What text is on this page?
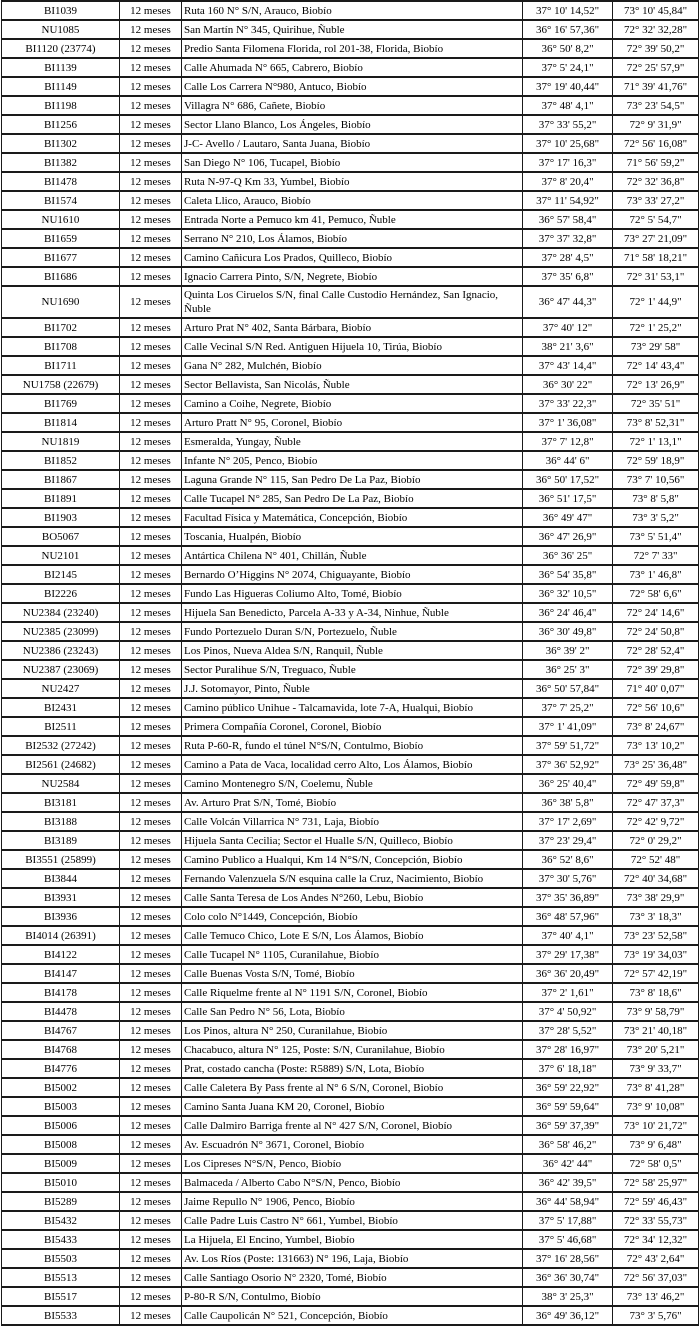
BI1039	12 meses	Ruta 160 N° S/N, Arauco, Biobío	37° 10' 14,52"	73° 10' 45,84"
NU1085	12 meses	San Martín N° 345, Quirihue, Ñuble	36° 16' 57,36"	72° 32' 32,28"
BI1120 (23774)	12 meses	Predio Santa Filomena Florida, rol 201-38, Florida, Biobío	36° 50' 8,2"	72° 39' 50,2"
BI1139	12 meses	Calle Ahumada N° 665, Cabrero, Biobío	37° 5' 24,1"	72° 25' 57,9"
BI1149	12 meses	Calle Los Carrera N°980, Antuco, Biobío	37° 19' 40,44"	71° 39' 41,76"
BI1198	12 meses	Villagra N° 686, Cañete, Biobío	37° 48' 4,1"	73° 23' 54,5"
BI1256	12 meses	Sector Llano Blanco, Los Ángeles, Biobío	37° 33' 55,2"	72° 9' 31,9"
BI1302	12 meses	J-C- Avello / Lautaro, Santa Juana, Biobío	37° 10' 25,68"	72° 56' 16,08"
BI1382	12 meses	San Diego N° 106, Tucapel, Biobío	37° 17' 16,3"	71° 56' 59,2"
BI1478	12 meses	Ruta N-97-Q Km 33, Yumbel, Biobío	37° 8' 20,4"	72° 32' 36,8"
BI1574	12 meses	Caleta Llico, Arauco, Biobío	37° 11' 54,92"	73° 33' 27,2"
NU1610	12 meses	Entrada Norte a Pemuco km 41, Pemuco, Ñuble	36° 57' 58,4"	72° 5' 54,7"
BI1659	12 meses	Serrano N° 210, Los Álamos, Biobío	37° 37' 32,8"	73° 27' 21,09"
BI1677	12 meses	Camino Cañicura Los Prados, Quilleco, Biobío	37° 28' 4,5"	71° 58' 18,21"
BI1686	12 meses	Ignacio Carrera Pinto, S/N, Negrete, Biobío	37° 35' 6,8"	72° 31' 53,1"
NU1690	12 meses	Quinta Los Ciruelos S/N, final Calle Custodio Hernández, San Ignacio, Ñuble	36° 47' 44,3"	72° 1' 44,9"
BI1702	12 meses	Arturo Prat N° 402, Santa Bárbara, Biobío	37° 40' 12"	72° 1' 25,2"
BI1708	12 meses	Calle Vecinal S/N Red. Antiguen Hijuela 10, Tirúa, Biobío	38° 21' 3,6"	73° 29' 58"
BI1711	12 meses	Gana N° 282, Mulchén, Biobío	37° 43' 14,4"	72° 14' 43,4"
NU1758 (22679)	12 meses	Sector Bellavista, San Nicolás, Ñuble	36° 30' 22"	72° 13' 26,9"
BI1769	12 meses	Camino a Coihe, Negrete, Biobío	37° 33' 22,3"	72° 35' 51"
BI1814	12 meses	Arturo Pratt N° 95, Coronel, Biobío	37° 1' 36,08"	73° 8' 52,31"
NU1819	12 meses	Esmeralda, Yungay, Ñuble	37° 7' 12,8"	72° 1' 13,1"
BI1852	12 meses	Infante N° 205, Penco, Biobío	36° 44' 6"	72° 59' 18,9"
BI1867	12 meses	Laguna Grande N° 115, San Pedro De La Paz, Biobío	36° 50' 17,52"	73° 7' 10,56"
BI1891	12 meses	Calle Tucapel N° 285, San Pedro De La Paz, Biobío	36° 51' 17,5"	73° 8' 5,8"
BI1903	12 meses	Facultad Física y Matemática, Concepción, Biobío	36° 49' 47"	73° 3' 5,2"
BO5067	12 meses	Toscania, Hualpén, Biobío	36° 47' 26,9"	73° 5' 51,4"
NU2101	12 meses	Antártica Chilena N° 401, Chillán, Ñuble	36° 36' 25"	72° 7' 33"
BI2145	12 meses	Bernardo O’Higgins N° 2074, Chiguayante, Biobío	36° 54' 35,8"	73° 1' 46,8"
BI2226	12 meses	Fundo Las Higueras Coliumo Alto, Tomé, Biobío	36° 32' 10,5"	72° 58' 6,6"
NU2384 (23240)	12 meses	Hijuela San Benedicto, Parcela A-33 y A-34, Ninhue, Ñuble	36° 24' 46,4"	72° 24' 14,6"
NU2385 (23099)	12 meses	Fundo Portezuelo Duran S/N, Portezuelo, Ñuble	36° 30' 49,8"	72° 24' 50,8"
NU2386 (23243)	12 meses	Los Pinos, Nueva Aldea S/N, Ranquil, Ñuble	36° 39' 2"	72° 28' 52,4"
NU2387 (23069)	12 meses	Sector Puralihue S/N, Treguaco, Ñuble	36° 25' 3"	72° 39' 29,8"
NU2427	12 meses	J.J. Sotomayor, Pinto, Ñuble	36° 50' 57,84"	71° 40' 0,07"
BI2431	12 meses	Camino público Unihue - Talcamavida, lote 7-A, Hualqui, Biobío	37° 7' 25,2"	72° 56' 10,6"
BI2511	12 meses	Primera Compañía Coronel, Coronel, Biobío	37° 1' 41,09"	73° 8' 24,67"
BI2532 (27242)	12 meses	Ruta P-60-R, fundo el túnel N°S/N, Contulmo, Biobío	37° 59' 51,72"	73° 13' 10,2"
BI2561 (24682)	12 meses	Camino a Pata de Vaca, localidad cerro Alto, Los Álamos, Biobío	37° 36' 52,92"	73° 25' 36,48"
NU2584	12 meses	Camino Montenegro S/N, Coelemu, Ñuble	36° 25' 40,4"	72° 49' 59,8"
BI3181	12 meses	Av. Arturo Prat S/N, Tomé, Biobío	36° 38' 5,8"	72° 47' 37,3"
BI3188	12 meses	Calle Volcán Villarrica N° 731, Laja, Biobío	37° 17' 2,69"	72° 42' 9,72"
BI3189	12 meses	Hijuela Santa Cecilia; Sector el Hualle S/N, Quilleco, Biobío	37° 23' 29,4"	72° 0' 29,2"
BI3551 (25899)	12 meses	Camino Publico a Hualqui, Km 14 N°S/N, Concepción, Biobío	36° 52' 8,6"	72° 52' 48"
BI3844	12 meses	Fernando Valenzuela S/N esquina calle la Cruz, Nacimiento, Biobío	37° 30' 5,76"	72° 40' 34,68"
BI3931	12 meses	Calle Santa Teresa de Los Andes N°260, Lebu, Biobío	37° 35' 36,89"	73° 38' 29,9"
BI3936	12 meses	Colo colo N°1449, Concepción, Biobío	36° 48' 57,96"	73° 3' 18,3"
BI4014 (26391)	12 meses	Calle Temuco Chico, Lote E S/N, Los Álamos, Biobío	37° 40' 4,1"	73° 23' 52,58"
BI4122	12 meses	Calle Tucapel N° 1105, Curanilahue, Biobío	37° 29' 17,38"	73° 19' 34,03"
BI4147	12 meses	Calle Buenas Vosta S/N, Tomé, Biobío	36° 36' 20,49"	72° 57' 42,19"
BI4178	12 meses	Calle Riquelme frente al N° 1191 S/N, Coronel, Biobío	37° 2' 1,61"	73° 8' 18,6"
BI4478	12 meses	Calle San Pedro N° 56, Lota, Biobío	37° 4' 50,92"	73° 9' 58,79"
BI4767	12 meses	Los Pinos, altura N° 250, Curanilahue, Biobío	37° 28' 5,52"	73° 21' 40,18"
BI4768	12 meses	Chacabuco, altura N° 125, Poste: S/N, Curanilahue, Biobío	37° 28' 16,97"	73° 20' 5,21"
BI4776	12 meses	Prat, costado cancha (Poste: R5889) S/N, Lota, Biobío	37° 6' 18,18"	73° 9' 33,7"
BI5002	12 meses	Calle Caletera By Pass frente al N° 6 S/N, Coronel, Biobío	36° 59' 22,92"	73° 8' 41,28"
BI5003	12 meses	Camino Santa Juana KM 20, Coronel, Biobío	36° 59' 59,64"	73° 9' 10,08"
BI5006	12 meses	Calle Dalmiro Barriga frente al N° 427 S/N, Coronel, Biobío	36° 59' 37,39"	73° 10' 21,72"
BI5008	12 meses	Av. Escuadrón N° 3671, Coronel, Biobío	36° 58' 46,2"	73° 9' 6,48"
BI5009	12 meses	Los Cipreses N°S/N, Penco, Biobío	36° 42' 44"	72° 58' 0,5"
BI5010	12 meses	Balmaceda / Alberto Cabo N°S/N, Penco, Biobío	36° 42' 39,5"	72° 58' 25,97"
BI5289	12 meses	Jaime Repullo N° 1906, Penco, Biobío	36° 44' 58,94"	72° 59' 46,43"
BI5432	12 meses	Calle Padre Luis Castro N° 661, Yumbel, Biobío	37° 5' 17,88"	72° 33' 55,73"
BI5433	12 meses	La Hijuela, El Encino, Yumbel, Biobío	37° 5' 46,68"	72° 34' 12,32"
BI5503	12 meses	Av. Los Ríos (Poste: 131663) N° 196, Laja, Biobío	37° 16' 28,56"	72° 43' 2,64"
BI5513	12 meses	Calle Santiago Osorio N° 2320, Tomé, Biobío	36° 36' 30,74"	72° 56' 37,03"
BI5517	12 meses	P-80-R S/N, Contulmo, Biobío	38° 3' 25,3"	73° 13' 46,2"
BI5533	12 meses	Calle Caupolicán N° 521, Concepción, Biobío	36° 49' 36,12"	73° 3' 5,76"
